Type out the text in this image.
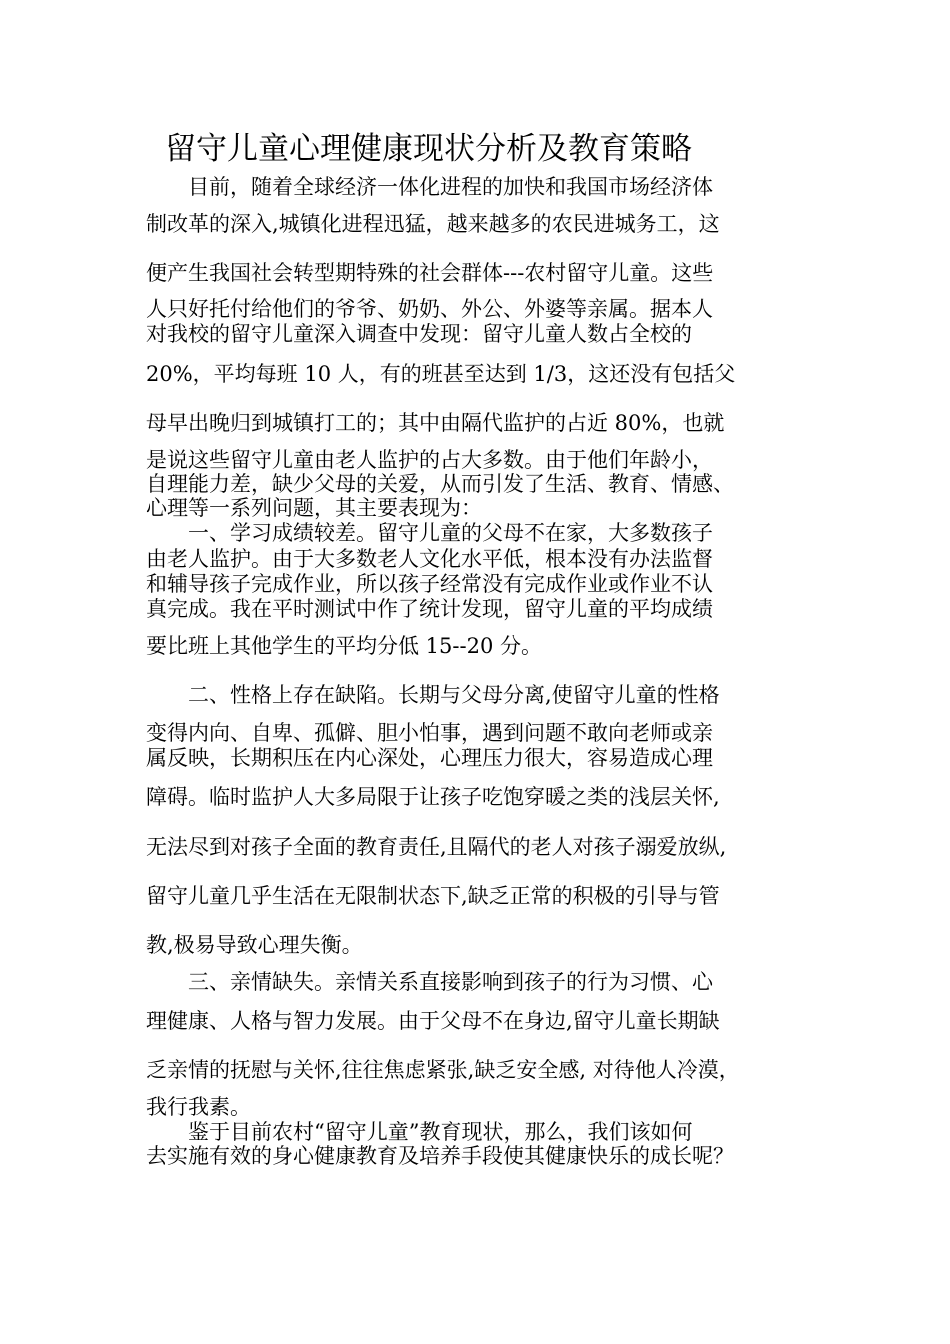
留守儿童心理健康现状分析及教育策略
　　目前，随着全球经济一体化进程的加快和我国市场经济体
制改革的深入,城镇化进程迅猛，越来越多的农民进城务工，这
便产生我国社会转型期特殊的社会群体---农村留守儿童。这些
人只好托付给他们的爷爷、奶奶、外公、外婆等亲属。据本人
对我校的留守儿童深入调查中发现：留守儿童人数占全校的
20%，平均每班 10 人，有的班甚至达到 1/3，这还没有包括父
母早出晚归到城镇打工的；其中由隔代监护的占近 80%，也就
是说这些留守儿童由老人监护的占大多数。由于他们年龄小，
自理能力差，缺少父母的关爱，从而引发了生活、教育、情感、
心理等一系列问题，其主要表现为：
　　一、学习成绩较差。留守儿童的父母不在家，大多数孩子
由老人监护。由于大多数老人文化水平低，根本没有办法监督
和辅导孩子完成作业，所以孩子经常没有完成作业或作业不认
真完成。我在平时测试中作了统计发现，留守儿童的平均成绩
要比班上其他学生的平均分低 15--20 分。
　　二、性格上存在缺陷。长期与父母分离,使留守儿童的性格
变得内向、自卑、孤僻、胆小怕事，遇到问题不敢向老师或亲
属反映，长期积压在内心深处，心理压力很大，容易造成心理
障碍。临时监护人大多局限于让孩子吃饱穿暖之类的浅层关怀,
无法尽到对孩子全面的教育责任,且隔代的老人对孩子溺爱放纵,
留守儿童几乎生活在无限制状态下,缺乏正常的积极的引导与管
教,极易导致心理失衡。
　　三、亲情缺失。亲情关系直接影响到孩子的行为习惯、心
理健康、人格与智力发展。由于父母不在身边,留守儿童长期缺
乏亲情的抚慰与关怀,往往焦虑紧张,缺乏安全感, 对待他人冷漠，
我行我素。
　　鉴于目前农村“留守儿童”教育现状，那么，我们该如何
去实施有效的身心健康教育及培养手段使其健康快乐的成长呢？
